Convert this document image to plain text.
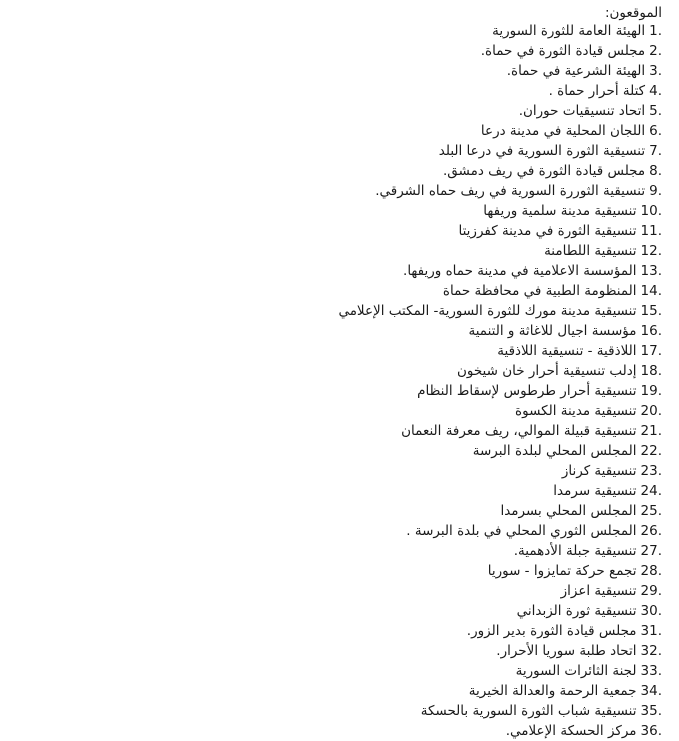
الموقعون:
الهيئة العامة للثورة السورية 1.
مجلس قيادة الثورة في حماة. 2.
الهيئة الشرعية في حماة. 3.
كتلة أحرار حماة . 4.
اتحاد تنسيقيات حوران. 5.
اللجان المحلية في مدينة درعا 6.
تنسيقية الثورة السورية في درعا البلد 7.
مجلس قيادة الثورة في ريف دمشق. 8.
تنسيقية الثوررة السورية في ريف حماه الشرقي. 9.
تنسيقية مدينة سلمية وريفها 10.
تنسيقية الثورة في مدينة كفرزيتا 11.
تنسيقية اللطامنة 12.
المؤسسة الاعلامية في مدينة حماه وريفها. 13.
المنظومة الطبية في محافظة حماة 14.
تنسيقية مدينة مورك للثورة السورية- المكتب الإعلامي 15.
مؤسسة اجيال للاغاثة و التنمية 16.
اللاذقية - تنسيقية اللاذقية 17.
إدلب تنسيقية أحرار خان شيخون 18.
تنسيقية أحرار طرطوس لإسقاط النظام 19.
تنسيقية مدينة الكسوة 20.
تنسيقية قبيلة الموالي، ريف معرفة النعمان 21.
المجلس المحلي لبلدة البرسة 22.
تنسيقية كرناز 23.
تنسيقية سرمدا 24.
المجلس المحلي بسرمدا 25.
المجلس الثوري المحلي في بلدة البرسة . 26.
تنسيقية جبلة الأدهمية. 27.
تجمع حركة تمايزوا - سوريا 28.
تنسيقية اعزاز 29.
تنسيقية ثورة الزبداني 30.
مجلس قيادة الثورة بدير الزور. 31.
اتحاد طلبة سوريا الأحرار. 32.
لجنة الثائرات السورية 33.
جمعية الرحمة والعدالة الخيرية 34.
تنسيقية شباب الثورة السورية بالحسكة 35.
مركز الحسكة الإعلامي. 36.
